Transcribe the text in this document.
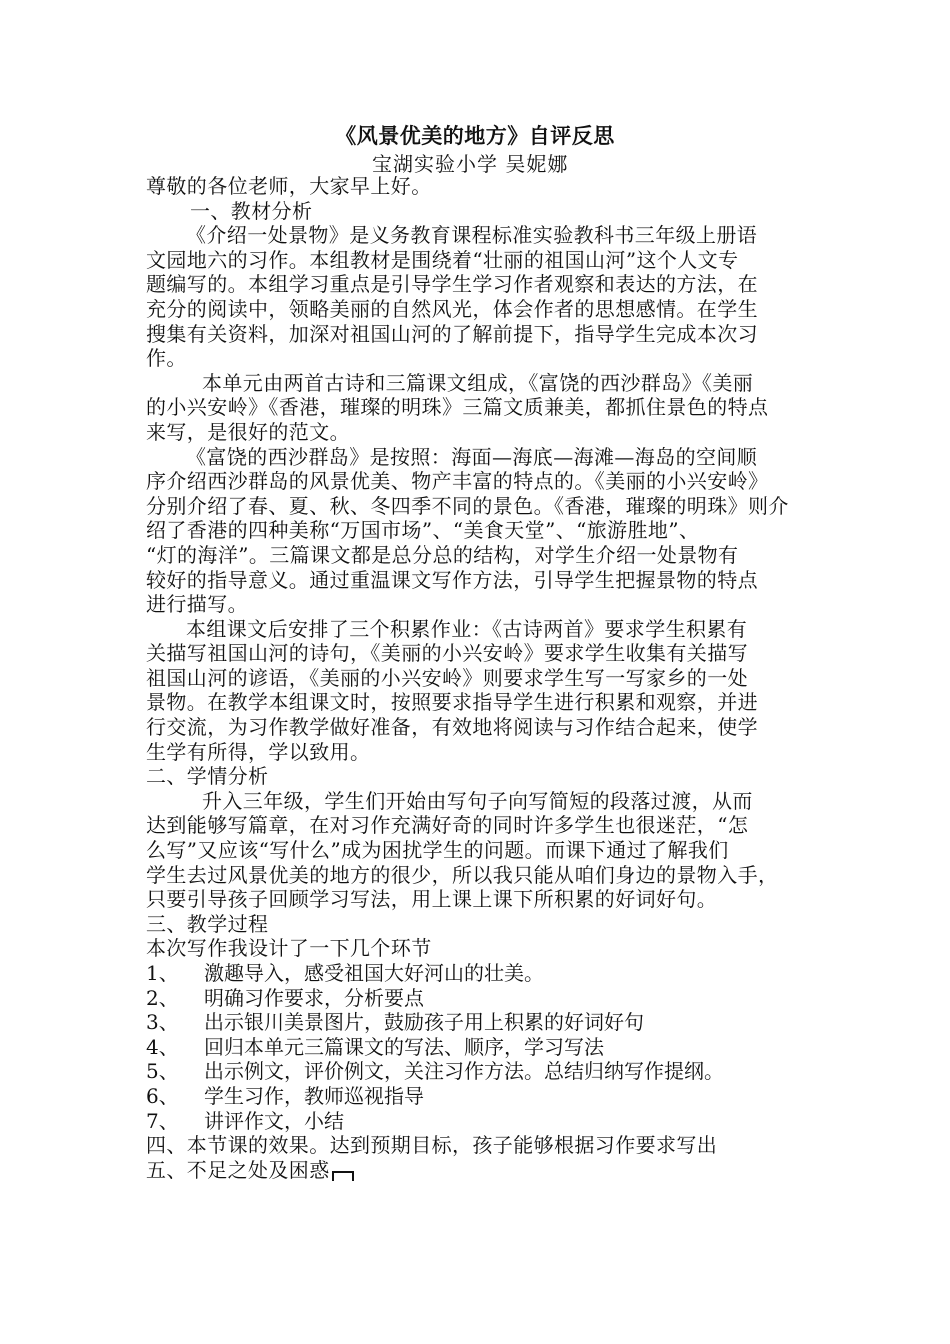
《风景优美的地方》自评反思
宝湖实验小学 吴妮娜
尊敬的各位老师，大家早上好。
一、教材分析
《介绍一处景物》是义务教育课程标准实验教科书三年级上册语
文园地六的习作。本组教材是围绕着“壮丽的祖国山河”这个人文专
题编写的。本组学习重点是引导学生学习作者观察和表达的方法，在
充分的阅读中，领略美丽的自然风光，体会作者的思想感情。在学生
搜集有关资料，加深对祖国山河的了解前提下，指导学生完成本次习
作。
本单元由两首古诗和三篇课文组成，《富饶的西沙群岛》《美丽
的小兴安岭》《香港，璀璨的明珠》三篇文质兼美，都抓住景色的特点
来写，是很好的范文。
《富饶的西沙群岛》是按照：海面—海底—海滩—海岛的空间顺
序介绍西沙群岛的风景优美、物产丰富的特点的。《美丽的小兴安岭》
分别介绍了春、夏、秋、冬四季不同的景色。《香港，璀璨的明珠》则介
绍了香港的四种美称“万国市场”、“美食天堂”、“旅游胜地”、
“灯的海洋”。三篇课文都是总分总的结构，对学生介绍一处景物有
较好的指导意义。通过重温课文写作方法，引导学生把握景物的特点
进行描写。
本组课文后安排了三个积累作业：《古诗两首》要求学生积累有
关描写祖国山河的诗句，《美丽的小兴安岭》要求学生收集有关描写
祖国山河的谚语，《美丽的小兴安岭》则要求学生写一写家乡的一处
景物。在教学本组课文时，按照要求指导学生进行积累和观察，并进
行交流，为习作教学做好准备，有效地将阅读与习作结合起来，使学
生学有所得，学以致用。
二、学情分析
升入三年级，学生们开始由写句子向写简短的段落过渡，从而
达到能够写篇章，在对习作充满好奇的同时许多学生也很迷茫，“怎
么写”又应该“写什么”成为困扰学生的问题。而课下通过了解我们
学生去过风景优美的地方的很少，所以我只能从咱们身边的景物入手，
只要引导孩子回顾学习写法，用上课上课下所积累的好词好句。
三、教学过程
本次写作我设计了一下几个环节
1、	激趣导入，感受祖国大好河山的壮美。
2、	明确习作要求，分析要点
3、	出示银川美景图片，鼓励孩子用上积累的好词好句
4、	回归本单元三篇课文的写法、顺序，学习写法
5、	出示例文，评价例文，关注习作方法。总结归纳写作提纲。
6、	学生习作，教师巡视指导
7、	讲评作文，小结
四、本节课的效果。达到预期目标，孩子能够根据习作要求写出
五、不足之处及困惑
